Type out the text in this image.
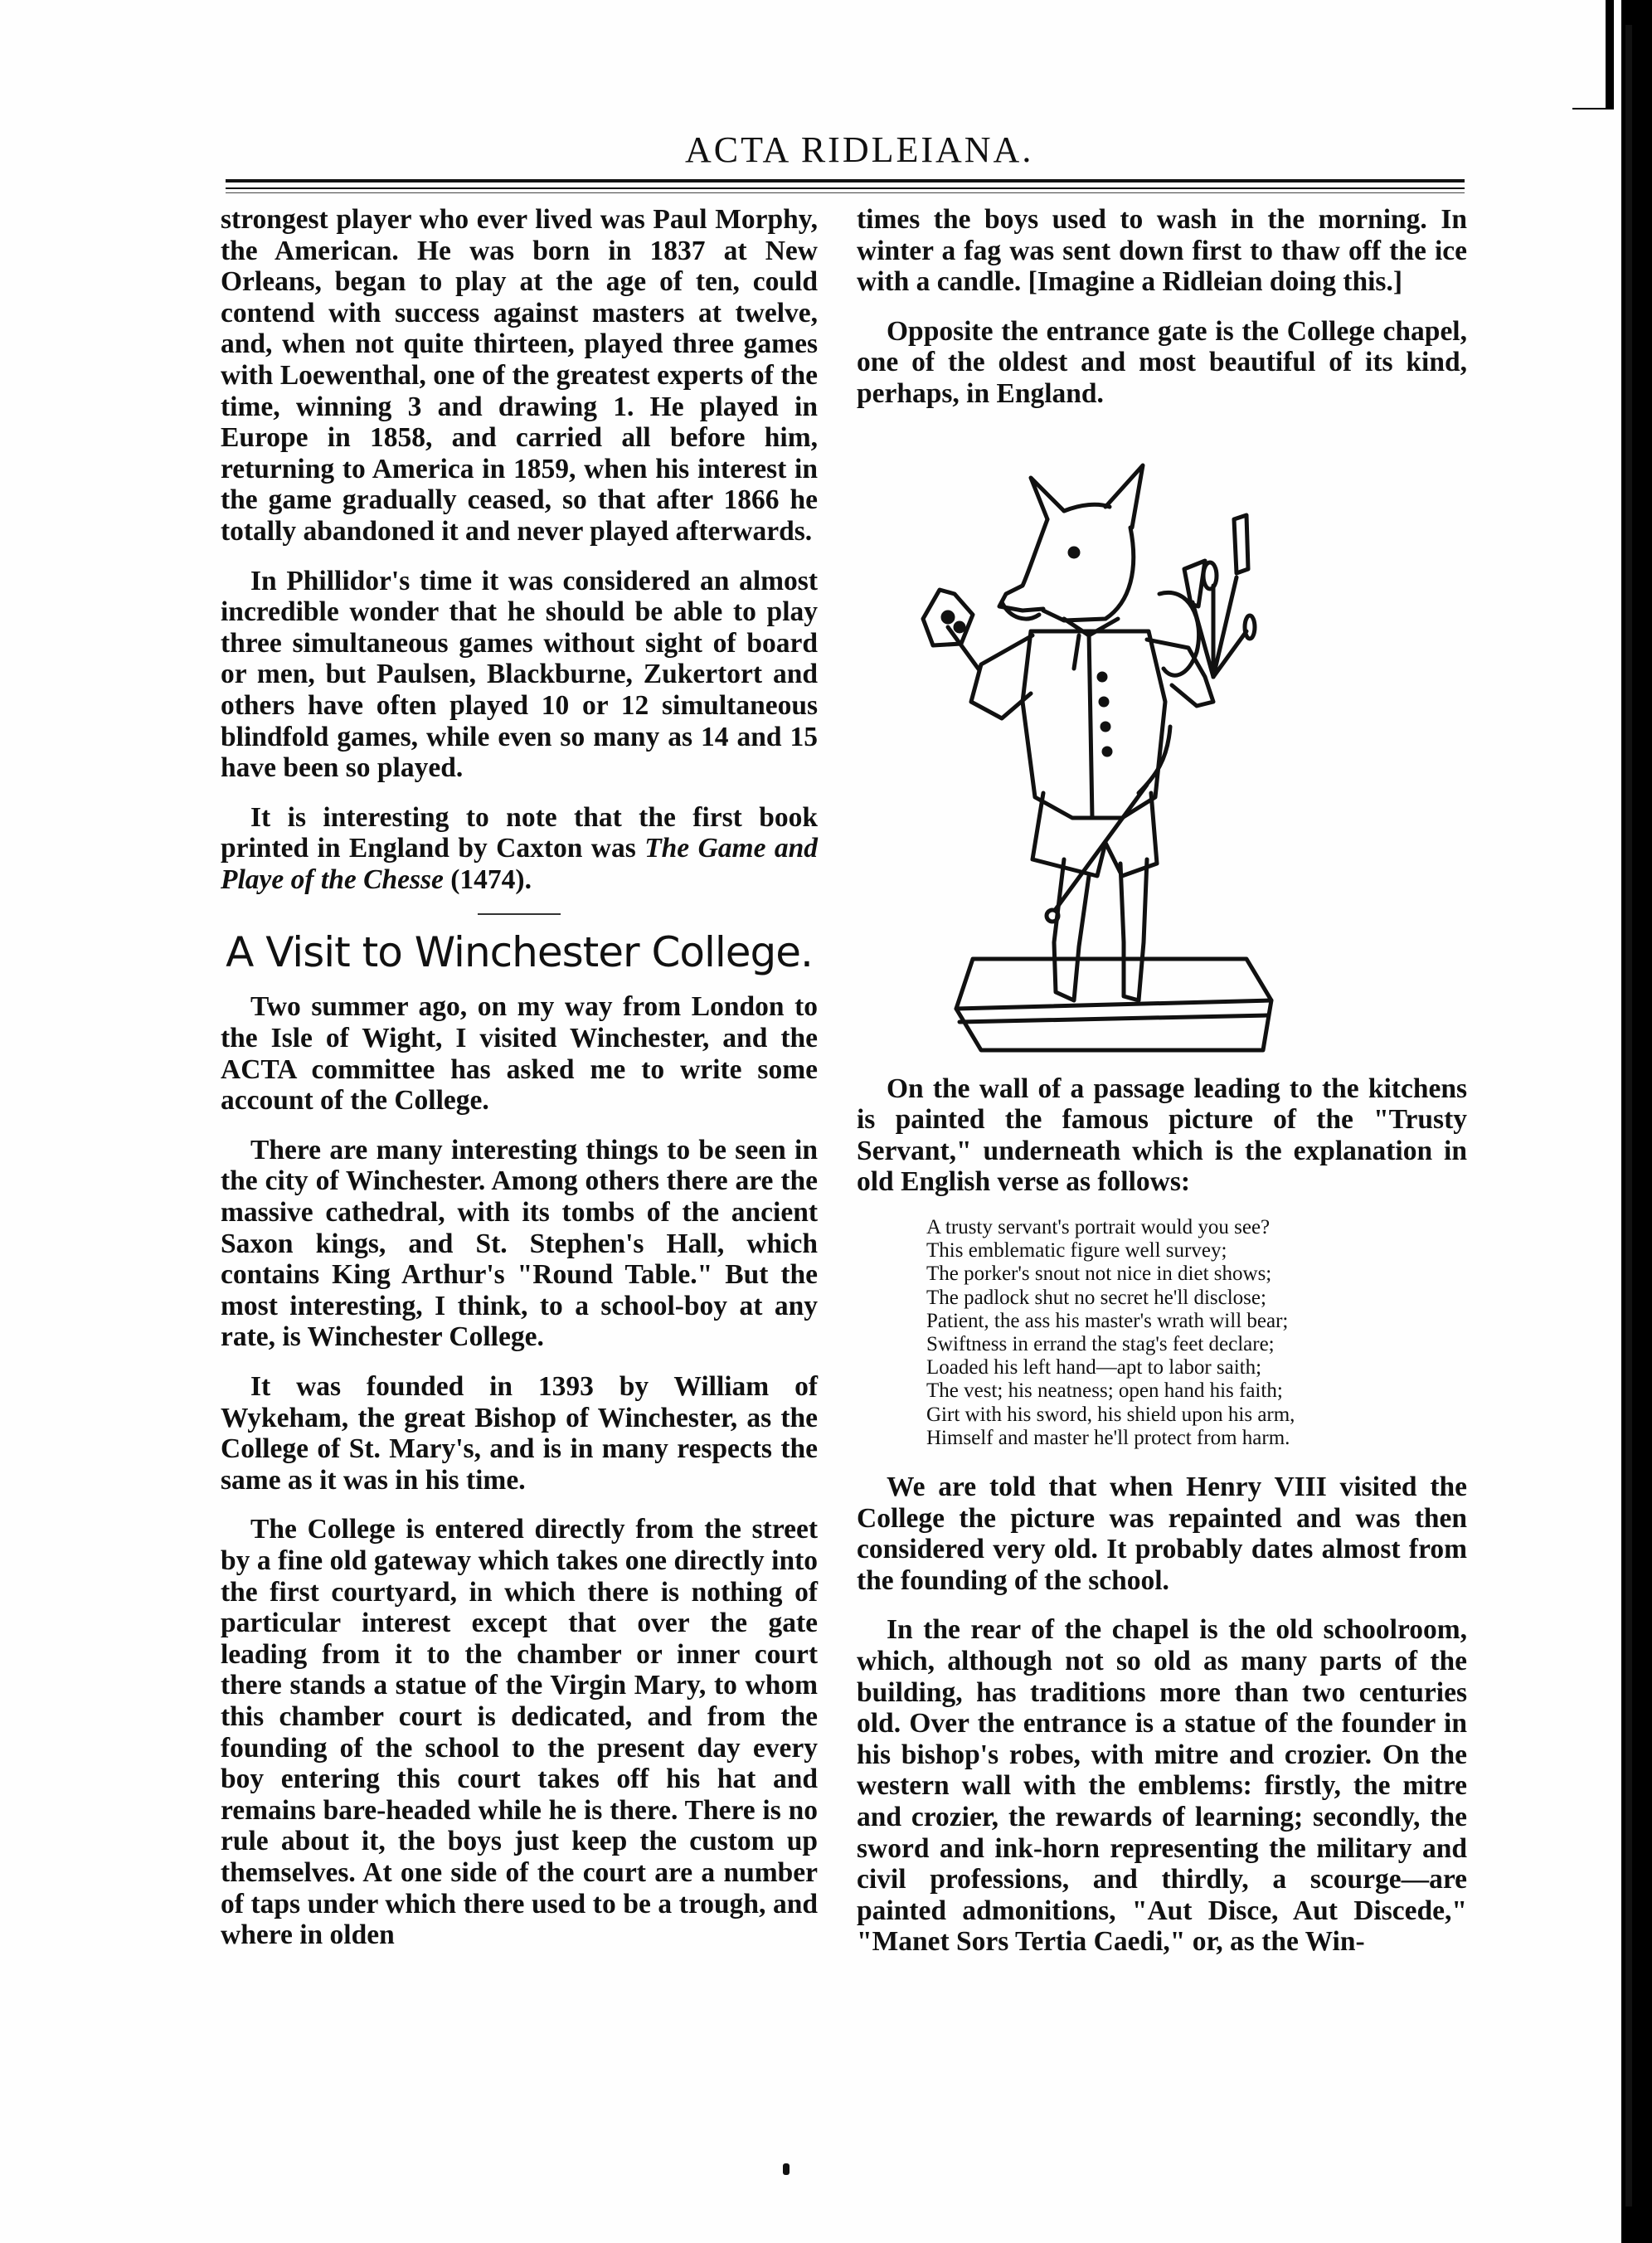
ACTA RIDLEIANA.

strongest player who ever lived was Paul Morphy, the American. He was born in 1837 at New Orleans, began to play at the age of ten, could contend with success against masters at twelve, and, when not quite thirteen, played three games with Loewenthal, one of the greatest experts of the time, winning 3 and drawing 1. He played in Europe in 1858, and carried all before him, returning to America in 1859, when his interest in the game gradually ceased, so that after 1866 he totally abandoned it and never played afterwards.

In Phillidor's time it was considered an almost incredible wonder that he should be able to play three simultaneous games without sight of board or men, but Paulsen, Blackburne, Zukertort and others have often played 10 or 12 simultaneous blindfold games, while even so many as 14 and 15 have been so played.

It is interesting to note that the first book printed in England by Caxton was The Game and Playe of the Chesse (1474).

A Visit to Winchester College.

Two summer ago, on my way from London to the Isle of Wight, I visited Winchester, and the ACTA committee has asked me to write some account of the College.

There are many interesting things to be seen in the city of Winchester. Among others there are the massive cathedral, with its tombs of the ancient Saxon kings, and St. Stephen's Hall, which contains King Arthur's "Round Table." But the most interesting, I think, to a school-boy at any rate, is Winchester College.

It was founded in 1393 by William of Wykeham, the great Bishop of Winchester, as the College of St. Mary's, and is in many respects the same as it was in his time.

The College is entered directly from the street by a fine old gateway which takes one directly into the first courtyard, in which there is nothing of particular interest except that over the gate leading from it to the chamber or inner court there stands a statue of the Virgin Mary, to whom this chamber court is dedicated, and from the founding of the school to the present day every boy entering this court takes off his hat and remains bare-headed while he is there. There is no rule about it, the boys just keep the custom up themselves. At one side of the court are a number of taps under which there used to be a trough, and where in olden

times the boys used to wash in the morning. In winter a fag was sent down first to thaw off the ice with a candle. [Imagine a Ridleian doing this.]

Opposite the entrance gate is the College chapel, one of the oldest and most beautiful of its kind, perhaps, in England.

On the wall of a passage leading to the kitchens is painted the famous picture of the "Trusty Servant," underneath which is the explanation in old English verse as follows:

A trusty servant's portrait would you see?
This emblematic figure well survey;
The porker's snout not nice in diet shows;
The padlock shut no secret he'll disclose;
Patient, the ass his master's wrath will bear;
Swiftness in errand the stag's feet declare;
Loaded his left hand—apt to labor saith;
The vest; his neatness; open hand his faith;
Girt with his sword, his shield upon his arm,
Himself and master he'll protect from harm.

We are told that when Henry VIII visited the College the picture was repainted and was then considered very old. It probably dates almost from the founding of the school.

In the rear of the chapel is the old schoolroom, which, although not so old as many parts of the building, has traditions more than two centuries old. Over the entrance is a statue of the founder in his bishop's robes, with mitre and crozier. On the western wall with the emblems: firstly, the mitre and crozier, the rewards of learning; secondly, the sword and ink-horn representing the military and civil professions, and thirdly, a scourge—are painted admonitions, "Aut Disce, Aut Discede," "Manet Sors Tertia Caedi," or, as the Win-
